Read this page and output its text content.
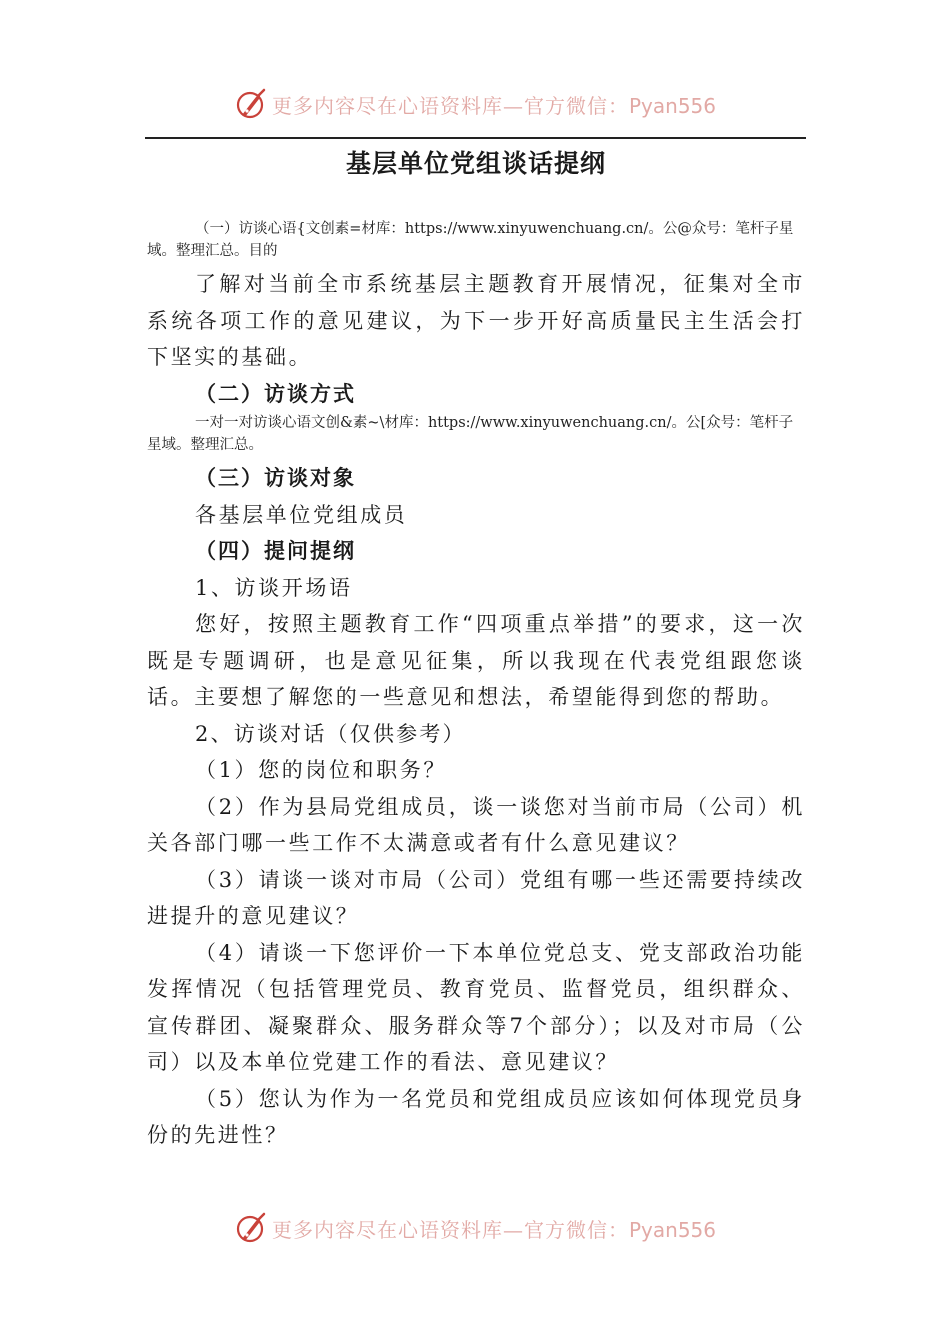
更多内容尽在心语资料库—官方微信：Pyan556
基层单位党组谈话提纲

（一）访谈心语{文创素=材库：https://www.xinyuwenchuang.cn/。公@众号：笔杆子星域。整理汇总。目的

了解对当前全市系统基层主题教育开展情况，征集对全市系统各项工作的意见建议，为下一步开好高质量民主生活会打下坚实的基础。

（二）访谈方式

一对一对访谈心语文创&素~\材库：https://www.xinyuwenchuang.cn/。公[众号：笔杆子星域。整理汇总。

（三）访谈对象

各基层单位党组成员

（四）提问提纲

1、访谈开场语

您好，按照主题教育工作“四项重点举措”的要求，这一次既是专题调研，也是意见征集，所以我现在代表党组跟您谈话。主要想了解您的一些意见和想法，希望能得到您的帮助。

2、访谈对话（仅供参考）

（1）您的岗位和职务？

（2）作为县局党组成员，谈一谈您对当前市局（公司）机关各部门哪一些工作不太满意或者有什么意见建议？

（3）请谈一谈对市局（公司）党组有哪一些还需要持续改进提升的意见建议？

（4）请谈一下您评价一下本单位党总支、党支部政治功能发挥情况（包括管理党员、教育党员、监督党员，组织群众、宣传群团、凝聚群众、服务群众等7个部分）；以及对市局（公司）以及本单位党建工作的看法、意见建议？

（5）您认为作为一名党员和党组成员应该如何体现党员身份的先进性？

更多内容尽在心语资料库—官方微信：Pyan556
